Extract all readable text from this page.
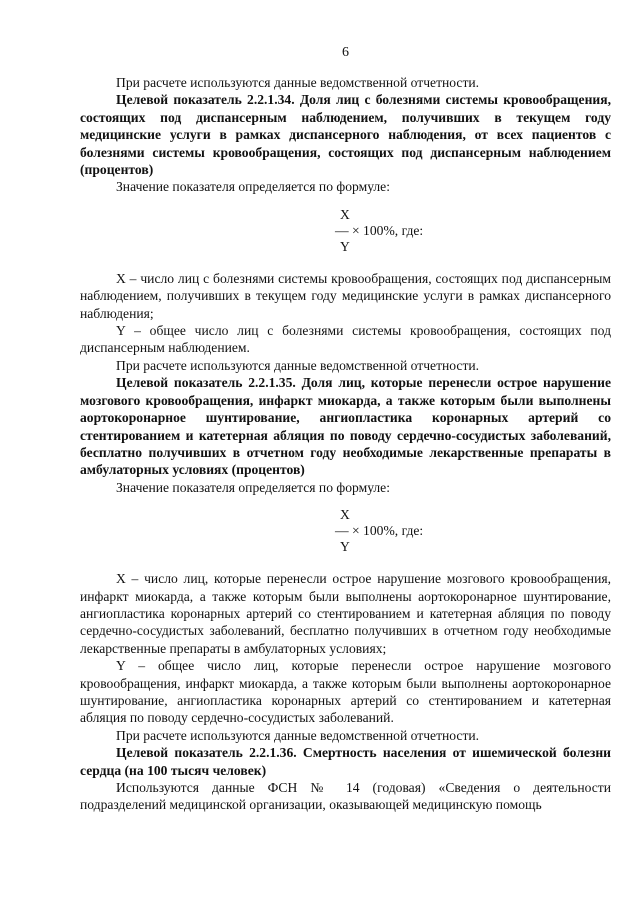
6

При расчете используются данные ведомственной отчетности.

Целевой показатель 2.2.1.34. Доля лиц с болезнями системы кровообращения, состоящих под диспансерным наблюдением, получивших в текущем году медицинские услуги в рамках диспансерного наблюдения, от всех пациентов с болезнями системы кровообращения, состоящих под диспансерным наблюдением (процентов)

Значение показателя определяется по формуле:

X
— × 100%, где:
Y

X – число лиц с болезнями системы кровообращения, состоящих под диспансерным наблюдением, получивших в текущем году медицинские услуги в рамках диспансерного наблюдения;

Y – общее число лиц с болезнями системы кровообращения, состоящих под диспансерным наблюдением.

При расчете используются данные ведомственной отчетности.

Целевой показатель 2.2.1.35. Доля лиц, которые перенесли острое нарушение мозгового кровообращения, инфаркт миокарда, а также которым были выполнены аортокоронарное шунтирование, ангиопластика коронарных артерий со стентированием и катетерная абляция по поводу сердечно-сосудистых заболеваний, бесплатно получивших в отчетном году необходимые лекарственные препараты в амбулаторных условиях (процентов)

Значение показателя определяется по формуле:

X
— × 100%, где:
Y

X – число лиц, которые перенесли острое нарушение мозгового кровообращения, инфаркт миокарда, а также которым были выполнены аортокоронарное шунтирование, ангиопластика коронарных артерий со стентированием и катетерная абляция по поводу сердечно-сосудистых заболеваний, бесплатно получивших в отчетном году необходимые лекарственные препараты в амбулаторных условиях;

Y – общее число лиц, которые перенесли острое нарушение мозгового кровообращения, инфаркт миокарда, а также которым были выполнены аортокоронарное шунтирование, ангиопластика коронарных артерий со стентированием и катетерная абляция по поводу сердечно-сосудистых заболеваний.

При расчете используются данные ведомственной отчетности.

Целевой показатель 2.2.1.36. Смертность населения от ишемической болезни сердца (на 100 тысяч человек)

Используются данные ФСН № 14 (годовая) «Сведения о деятельности подразделений медицинской организации, оказывающей медицинскую помощь
